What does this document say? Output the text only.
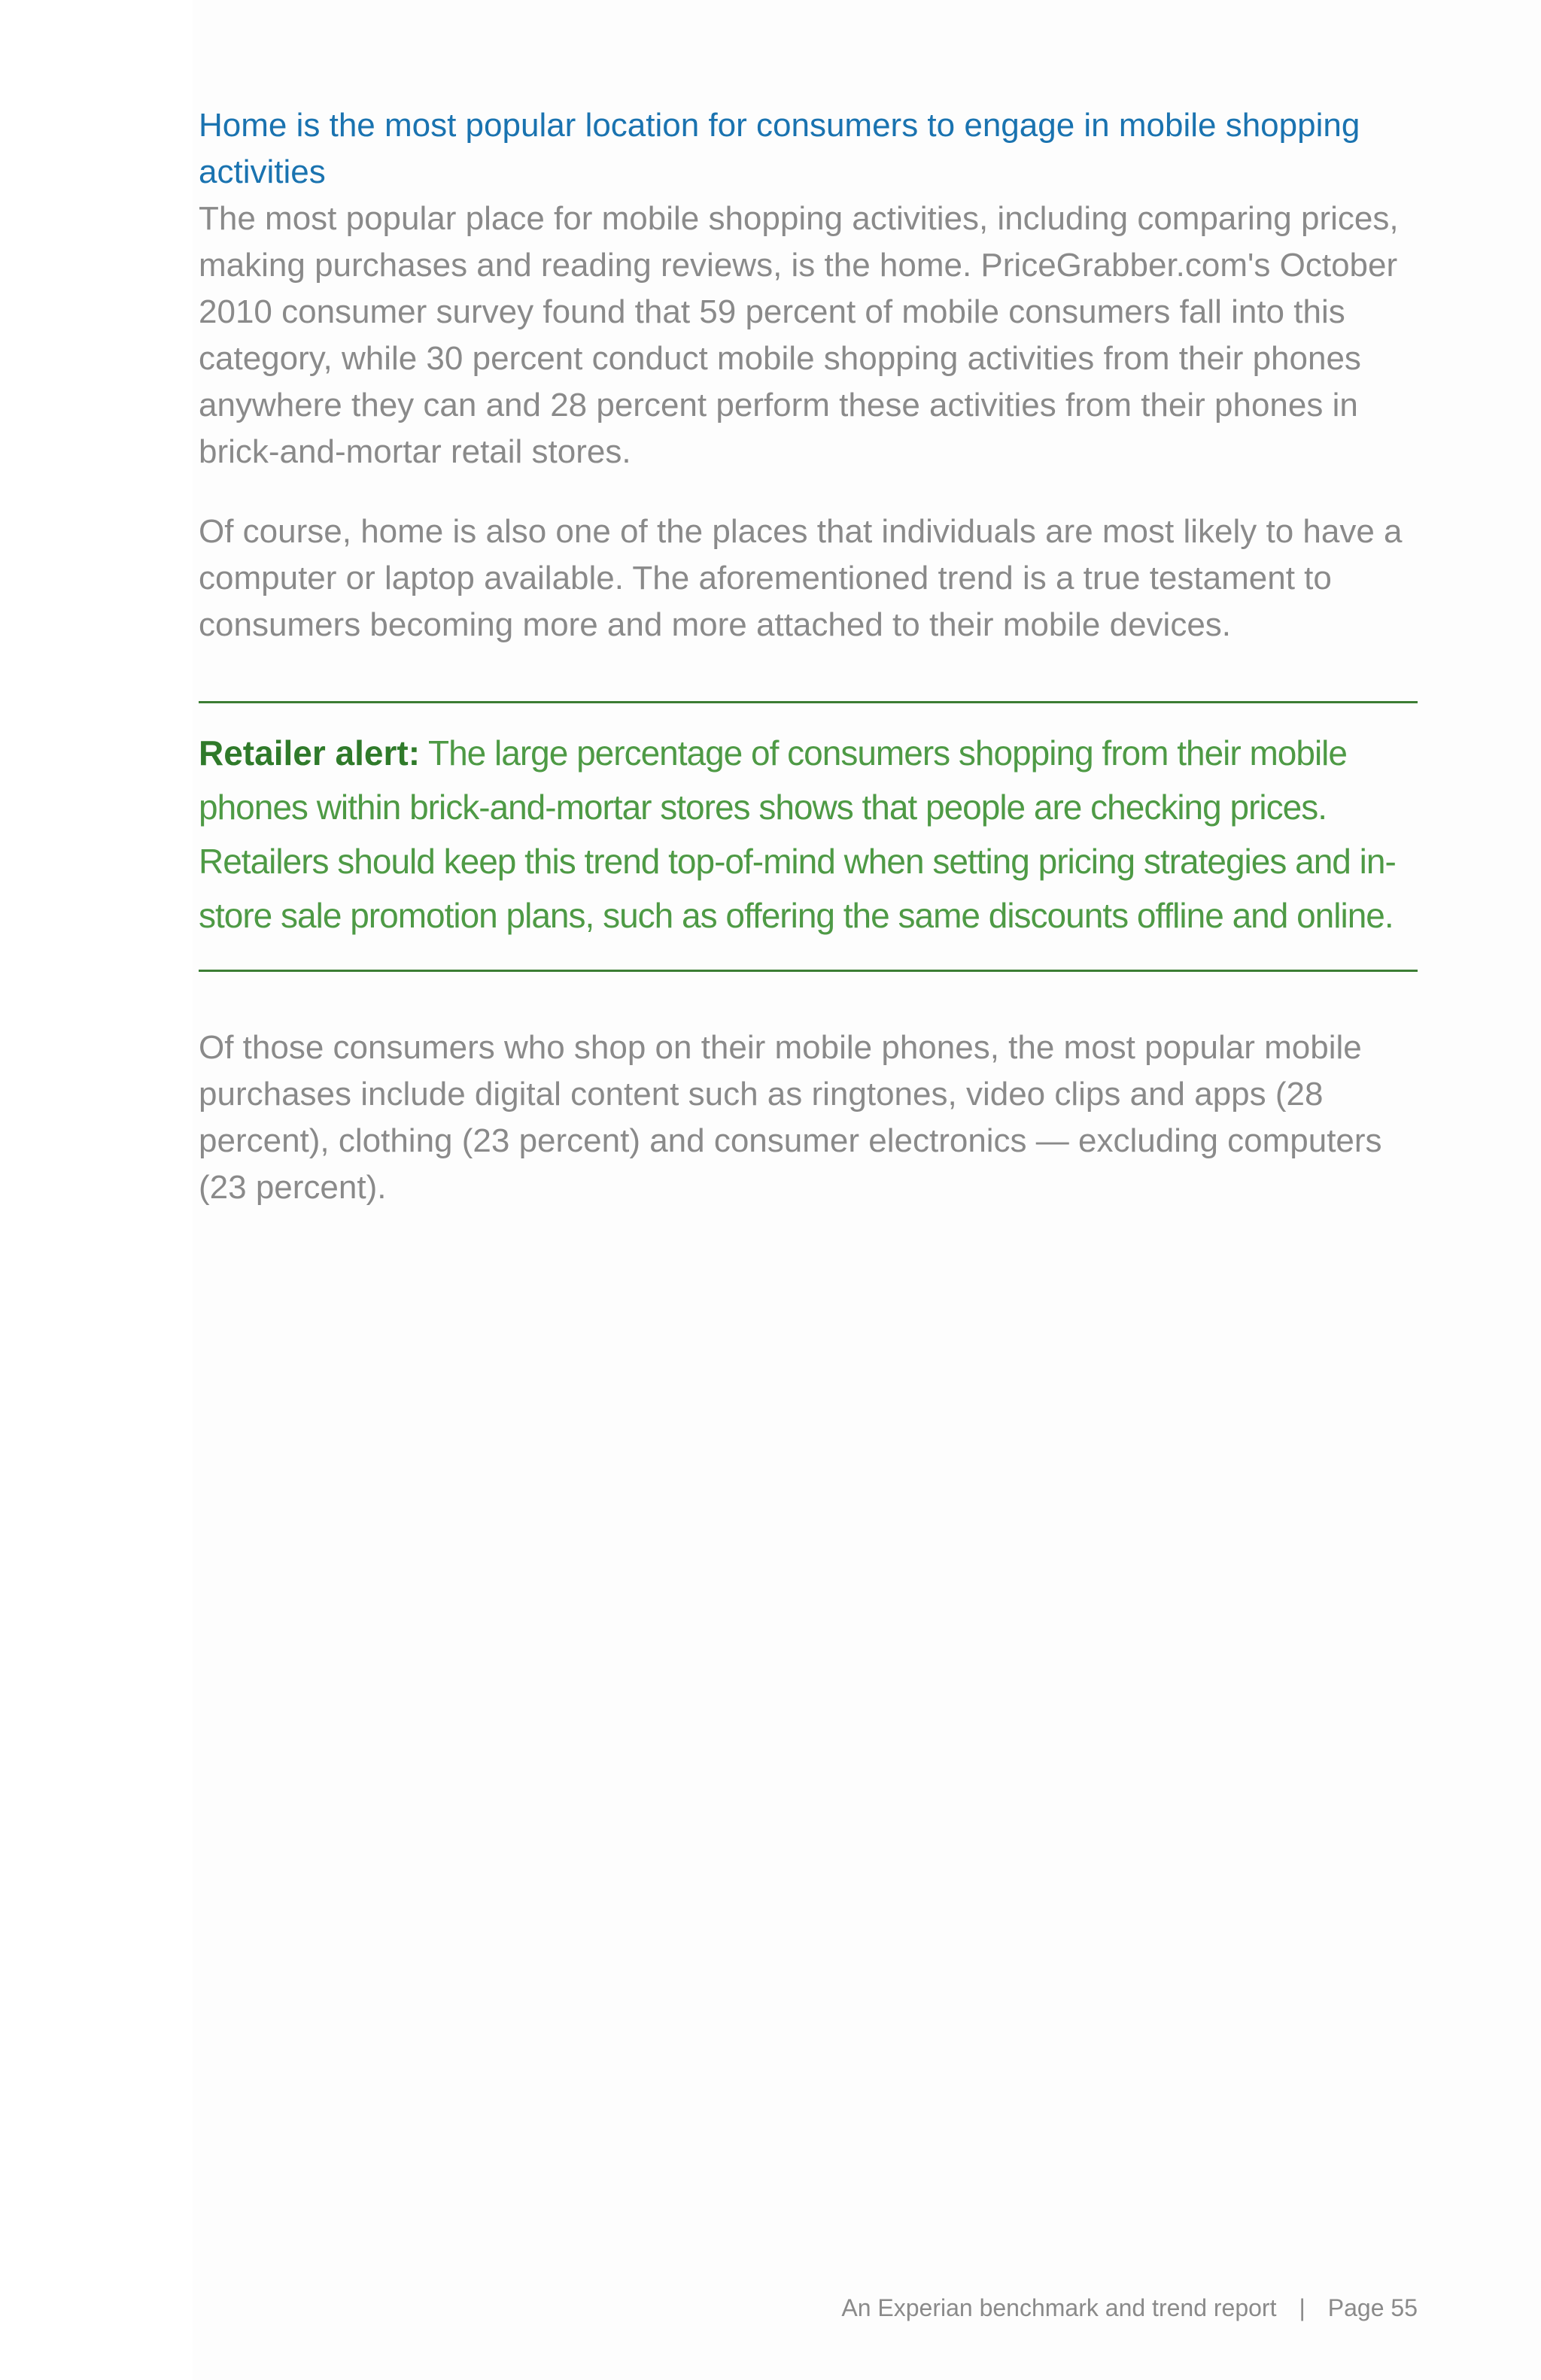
Home is the most popular location for consumers to engage in mobile shopping activities

The most popular place for mobile shopping activities, including comparing prices, making purchases and reading reviews, is the home. PriceGrabber.com's October 2010 consumer survey found that 59 percent of mobile consumers fall into this category, while 30 percent conduct mobile shopping activities from their phones anywhere they can and 28 percent perform these activities from their phones in brick-and-mortar retail stores.

Of course, home is also one of the places that individuals are most likely to have a computer or laptop available. The aforementioned trend is a true testament to consumers becoming more and more attached to their mobile devices.

Retailer alert: The large percentage of consumers shopping from their mobile phones within brick-and-mortar stores shows that people are checking prices. Retailers should keep this trend top-of-mind when setting pricing strategies and in-store sale promotion plans, such as offering the same discounts offline and online.

Of those consumers who shop on their mobile phones, the most popular mobile purchases include digital content such as ringtones, video clips and apps (28 percent), clothing (23 percent) and consumer electronics — excluding computers (23 percent).

An Experian benchmark and trend report | Page 55
